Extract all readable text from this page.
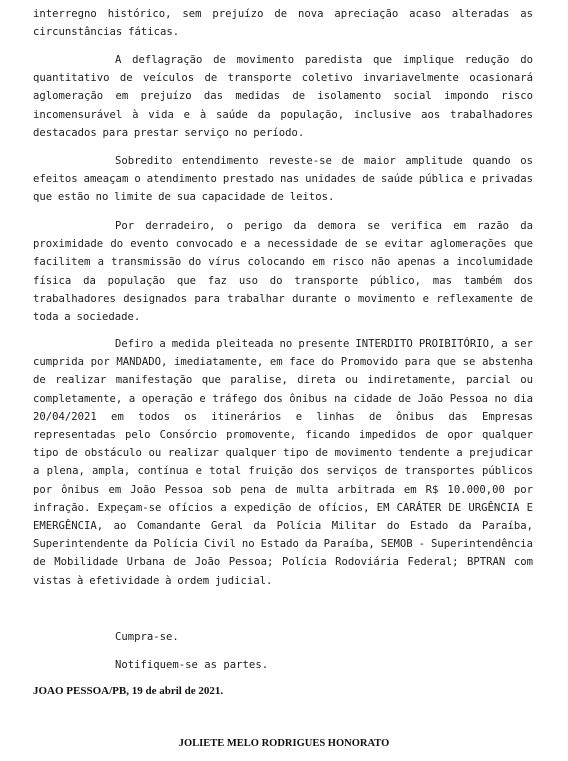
interregno histórico, sem prejuízo de nova apreciação acaso alteradas as circunstâncias fáticas.

A deflagração de movimento paredista que implique redução do quantitativo de veículos de transporte coletivo invariavelmente ocasionará aglomeração em prejuízo das medidas de isolamento social impondo risco incomensurável à vida e à saúde da população, inclusive aos trabalhadores destacados para prestar serviço no período.

Sobredito entendimento reveste-se de maior amplitude quando os efeitos ameaçam o atendimento prestado nas unidades de saúde pública e privadas que estão no limite de sua capacidade de leitos.

Por derradeiro, o perigo da demora se verifica em razão da proximidade do evento convocado e a necessidade de se evitar aglomerações que facilitem a transmissão do vírus colocando em risco não apenas a incolumidade física da população que faz uso do transporte público, mas também dos trabalhadores designados para trabalhar durante o movimento e reflexamente de toda a sociedade.

Defiro a medida pleiteada no presente INTERDITO PROIBITÓRIO, a ser cumprida por MANDADO, imediatamente, em face do Promovido para que se abstenha de realizar manifestação que paralise, direta ou indiretamente, parcial ou completamente, a operação e tráfego dos ônibus na cidade de João Pessoa no dia 20/04/2021 em todos os itinerários e linhas de ônibus das Empresas representadas pelo Consórcio promovente, ficando impedidos de opor qualquer tipo de obstáculo ou realizar qualquer tipo de movimento tendente a prejudicar a plena, ampla, contínua e total fruição dos serviços de transportes públicos por ônibus em João Pessoa sob pena de multa arbitrada em R$ 10.000,00 por infração. Expeçam-se ofícios a expedição de ofícios, EM CARÁTER DE URGÊNCIA E EMERGÊNCIA, ao Comandante Geral da Polícia Militar do Estado da Paraíba, Superintendente da Polícia Civil no Estado da Paraíba, SEMOB - Superintendência de Mobilidade Urbana de João Pessoa; Polícia Rodoviária Federal; BPTRAN com vistas à efetividade à ordem judicial.

Cumpra-se.

Notifiquem-se as partes.

JOAO PESSOA/PB, 19 de abril de 2021.
JOLIETE MELO RODRIGUES HONORATO
